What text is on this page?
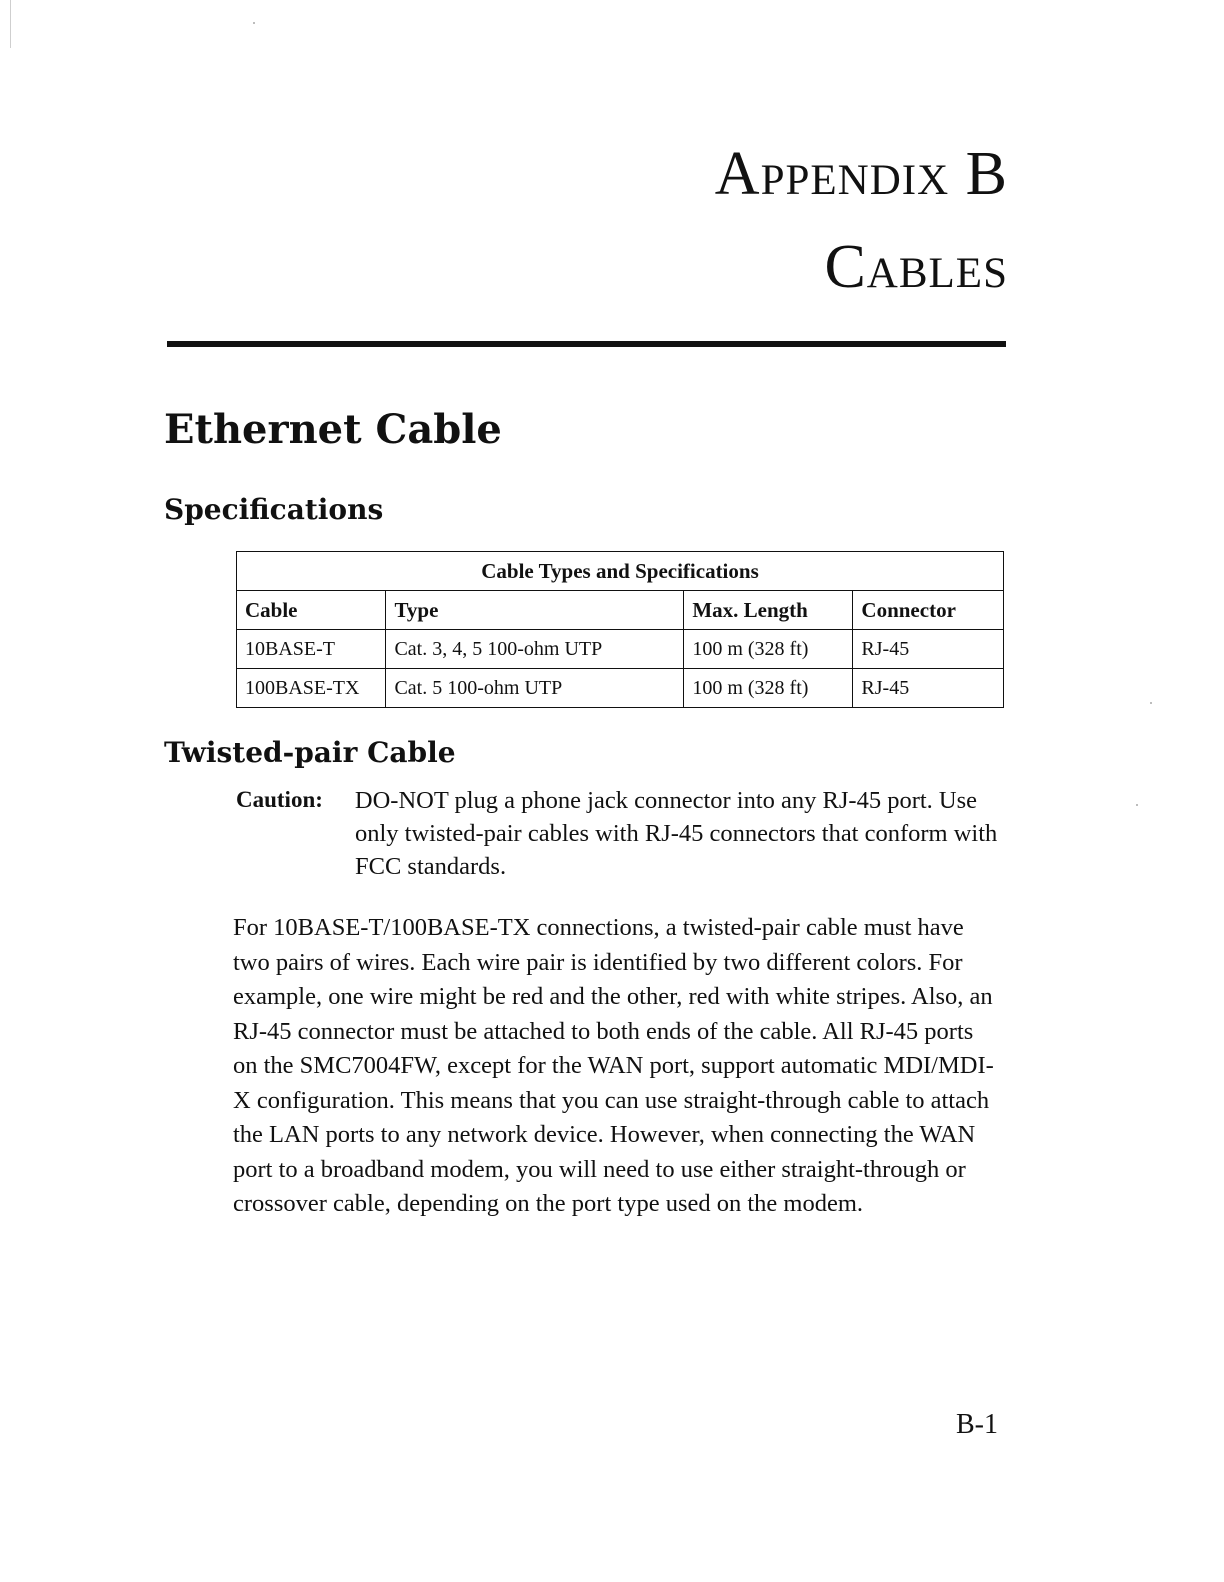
Appendix B
Cables
Ethernet Cable
Specifications
Cable Types and Specifications			
Cable	Type	Max. Length	Connector
10BASE-T	Cat. 3, 4, 5 100-ohm UTP	100 m (328 ft)	RJ-45
100BASE-TX	Cat. 5 100-ohm UTP	100 m (328 ft)	RJ-45
Twisted-pair Cable
Caution: DO-NOT plug a phone jack connector into any RJ-45 port. Use only twisted-pair cables with RJ-45 connectors that conform with FCC standards.
For 10BASE-T/100BASE-TX connections, a twisted-pair cable must have two pairs of wires. Each wire pair is identified by two different colors. For example, one wire might be red and the other, red with white stripes. Also, an RJ-45 connector must be attached to both ends of the cable. All RJ-45 ports on the SMC7004FW, except for the WAN port, support automatic MDI/MDI-X configuration. This means that you can use straight-through cable to attach the LAN ports to any network device. However, when connecting the WAN port to a broadband modem, you will need to use either straight-through or crossover cable, depending on the port type used on the modem.
B-1
